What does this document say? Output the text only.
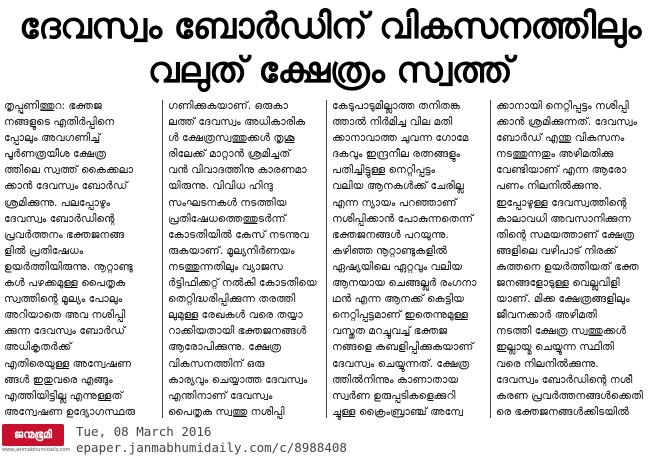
ദേവസ്വം ബോർഡിന് വികസനത്തിലും
വലുത് ക്ഷേത്രം സ്വത്ത്
തൃപ്പൂണിത്തുറ: ഭക്തജ
നങ്ങളുടെ എതിർപ്പിനെ
പ്പോലും അവഗണിച്ച്
പൂർണത്രയീശ ക്ഷേത്ര
ത്തിലെ സ്വത്ത് കൈക്കലാ
ക്കാൻ ദേവസ്വം ബോർഡ്
ശ്രമിക്കുന്നു. പലപ്പോഴും
ദേവസ്വം ബോർഡിന്റെ
പ്രവർത്തനം ഭക്തജനങ്ങ
ളിൽ പ്രതിഷേധം
ഉയർത്തിയിരുന്നു. നൂറ്റാണ്ടു
കൾ പഴക്കമുള്ള പൈതൃക
സ്വത്തിന്റെ മൂല്യം പോലും
അറിയാതെ അവ നശിപ്പി
ക്കുന്ന ദേവസ്വം ബോർഡ്
അധികൃതർക്ക്
എതിരെയുള്ള അന്വേഷണ
ങ്ങൾ ഇതുവരെ എങ്ങും
എത്തിയിട്ടില്ല എന്നുള്ളത്
അന്വേഷണ ഉദ്യോഗസ്ഥരു
ഗണിക്കുകയാണ്. ഒരുകാ
ലത്ത് ദേവസ്വം അധികാരിക
ൾ ക്ഷേത്രസ്വത്തുക്കൾ തൃശൂ
രിലേക്ക് മാറ്റാൻ ശ്രമിച്ചത്
വൻ വിവാദത്തിനു കാരണമാ
യിരുന്നു. വിവിധ ഹിന്ദു
സംഘടനകൾ നടത്തിയ
പ്രതിഷേധത്തെത്തുടർന്ന്
കോടതിയിൽ കേസ് നടന്നുവ
രുകയാണ്. മൂല്യനിർണയം
നടത്തുന്നതിലും വ്യാജസ
ർട്ടിഫിക്കറ്റ് നൽകി കോടതിയെ
തെറ്റിദ്ധരിപ്പിക്കുന്ന തരത്തി
ലുമുള്ള രേഖകൾ വരെ തയ്യാ
റാക്കിയതായി ഭക്തജനങ്ങൾ
ആരോപിക്കുന്നു. ക്ഷേത്ര
വികസനത്തിന് ഒരു
കാര്യവും ചെയ്യാത്ത ദേവസ്വം
എന്തിനാണ് ദേവസ്വം
പൈതൃക സ്വത്തു നശിപ്പി
കേടുപാടുമില്ലാത്ത തനിതങ്ക
ത്താൽ നിർമിച്ച വില മതി
ക്കാനാവാത്ത ചുവന്ന ഗോമേ
ദകവും ഇന്ദ്രനീല രത്നങ്ങളും
പതിച്ചിട്ടുള്ള നെറ്റിപ്പട്ടം
വലിയ ആനകൾക്ക് ചേരില്ല
എന്ന ന്യായം പറഞ്ഞാണ്
നശിപ്പിക്കാൻ പോകുന്നതെന്ന്
ഭക്തജനങ്ങൾ പറയുന്നു.
കഴിഞ്ഞ നൂറ്റാണ്ടുകളിൽ
ഏഷ്യയിലെ ഏറ്റവും വലിയ
ആനയായ ചെങ്ങല്ലൂർ രംഗനാ
ഥൻ എന്ന ആനക്ക് കെട്ടിയ
നെറ്റിപ്പട്ടമാണ് ഇതെന്നുമുള്ള
വസ്തുത മറച്ചുവച്ച് ഭക്തജ
നങ്ങളെ കബളിപ്പിക്കുകയാണ്
ദേവസ്വം ചെയ്യുന്നത്. ക്ഷേത്ര
ത്തിൽനിന്നും കാണാതായ
സ്വർണ ഉരുപ്പടികളെക്കുറി
ച്ചുള്ള ക്രൈംബ്രാഞ്ച് അന്വേ
ക്കാനായി നെറ്റിപ്പട്ടം നശിപ്പി
ക്കാൻ ശ്രമിക്കുന്നത്. ദേവസ്വം
ബോർഡ് എന്തു വികസനം
നടത്തുന്നതും അഴിമതിക്കു
വേണ്ടിയാണ് എന്ന ആരോ
പണം നിലനിൽക്കുന്നു.
ഇപ്പോഴുള്ള ദേവസ്വത്തിന്റെ
കാലാവധി അവസാനിക്കുന്ന
തിന്റെ സമയത്താണ് ക്ഷേത്ര
ങ്ങളിലെ വഴിപാട് നിരക്ക്
കുത്തനെ ഉയർത്തിയത് ഭക്ത
ജനങ്ങളോടുള്ള വെല്ലുവിളി
യാണ്. മിക്ക ക്ഷേത്രങ്ങളിലും
ജീവനക്കാർ അഴിമതി
നടത്തി ക്ഷേത്ര സ്വത്തുക്കൾ
ഇല്ലായ്മ ചെയ്യുന്ന സ്ഥിതി
വരെ നിലനിൽക്കുന്നു.
ദേവസ്വം ബോർഡിന്റെ നശീ
കരണ പ്രവർത്തനങ്ങൾക്കെതി
രെ ഭക്തജനങ്ങൾക്കിടയിൽ
ജന്മഭൂമി
www.janmabhumidaily.com
Tue, 08 March 2016
epaper.janmabhumidaily.com/c/8988408
